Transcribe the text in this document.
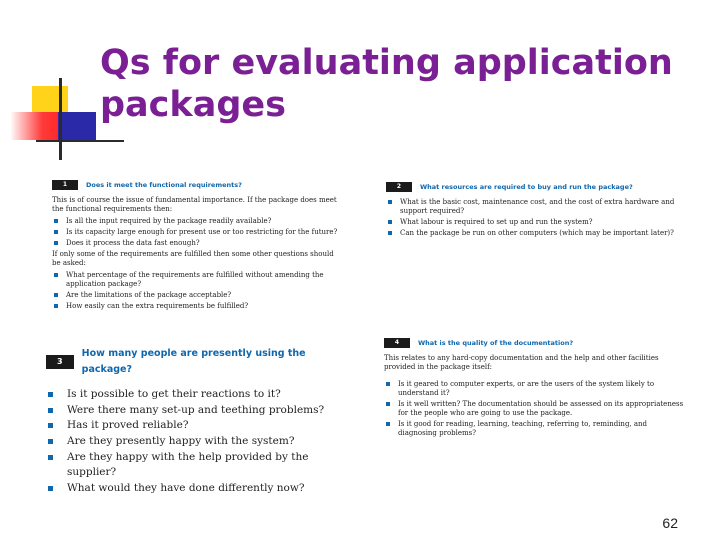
Qs for evaluating application
packages
1	Does it meet the functional requirements?

This is of course the issue of fundamental importance. If the package does meet the functional requirements then:

Is all the input required by the package readily available?
Is its capacity large enough for present use or too restricting for the future?
Does it process the data fast enough?

If only some of the requirements are fulfilled then some other questions should be asked:

What percentage of the requirements are fulfilled without amending the application package?
Are the limitations of the package acceptable?
How easily can the extra requirements be fulfilled?
2	What resources are required to buy and run the package?
What is the basic cost, maintenance cost, and the cost of extra hardware and support required?
What labour is required to set up and run the system?
Can the package be run on other computers (which may be important later)?
3
How many people are presently using the package?
Is it possible to get their reactions to it?
Were there many set-up and teething problems?
Has it proved reliable?
Are they presently happy with the system?
Are they happy with the help provided by the supplier?
What would they have done differently now?
4	What is the quality of the documentation?

This relates to any hard-copy documentation and the help and other facilities provided in the package itself:

Is it geared to computer experts, or are the users of the system likely to understand it?
Is it well written? The documentation should be assessed on its appropriateness for the people who are going to use the package.
Is it good for reading, learning, teaching, referring to, reminding, and diagnosing problems?
62
